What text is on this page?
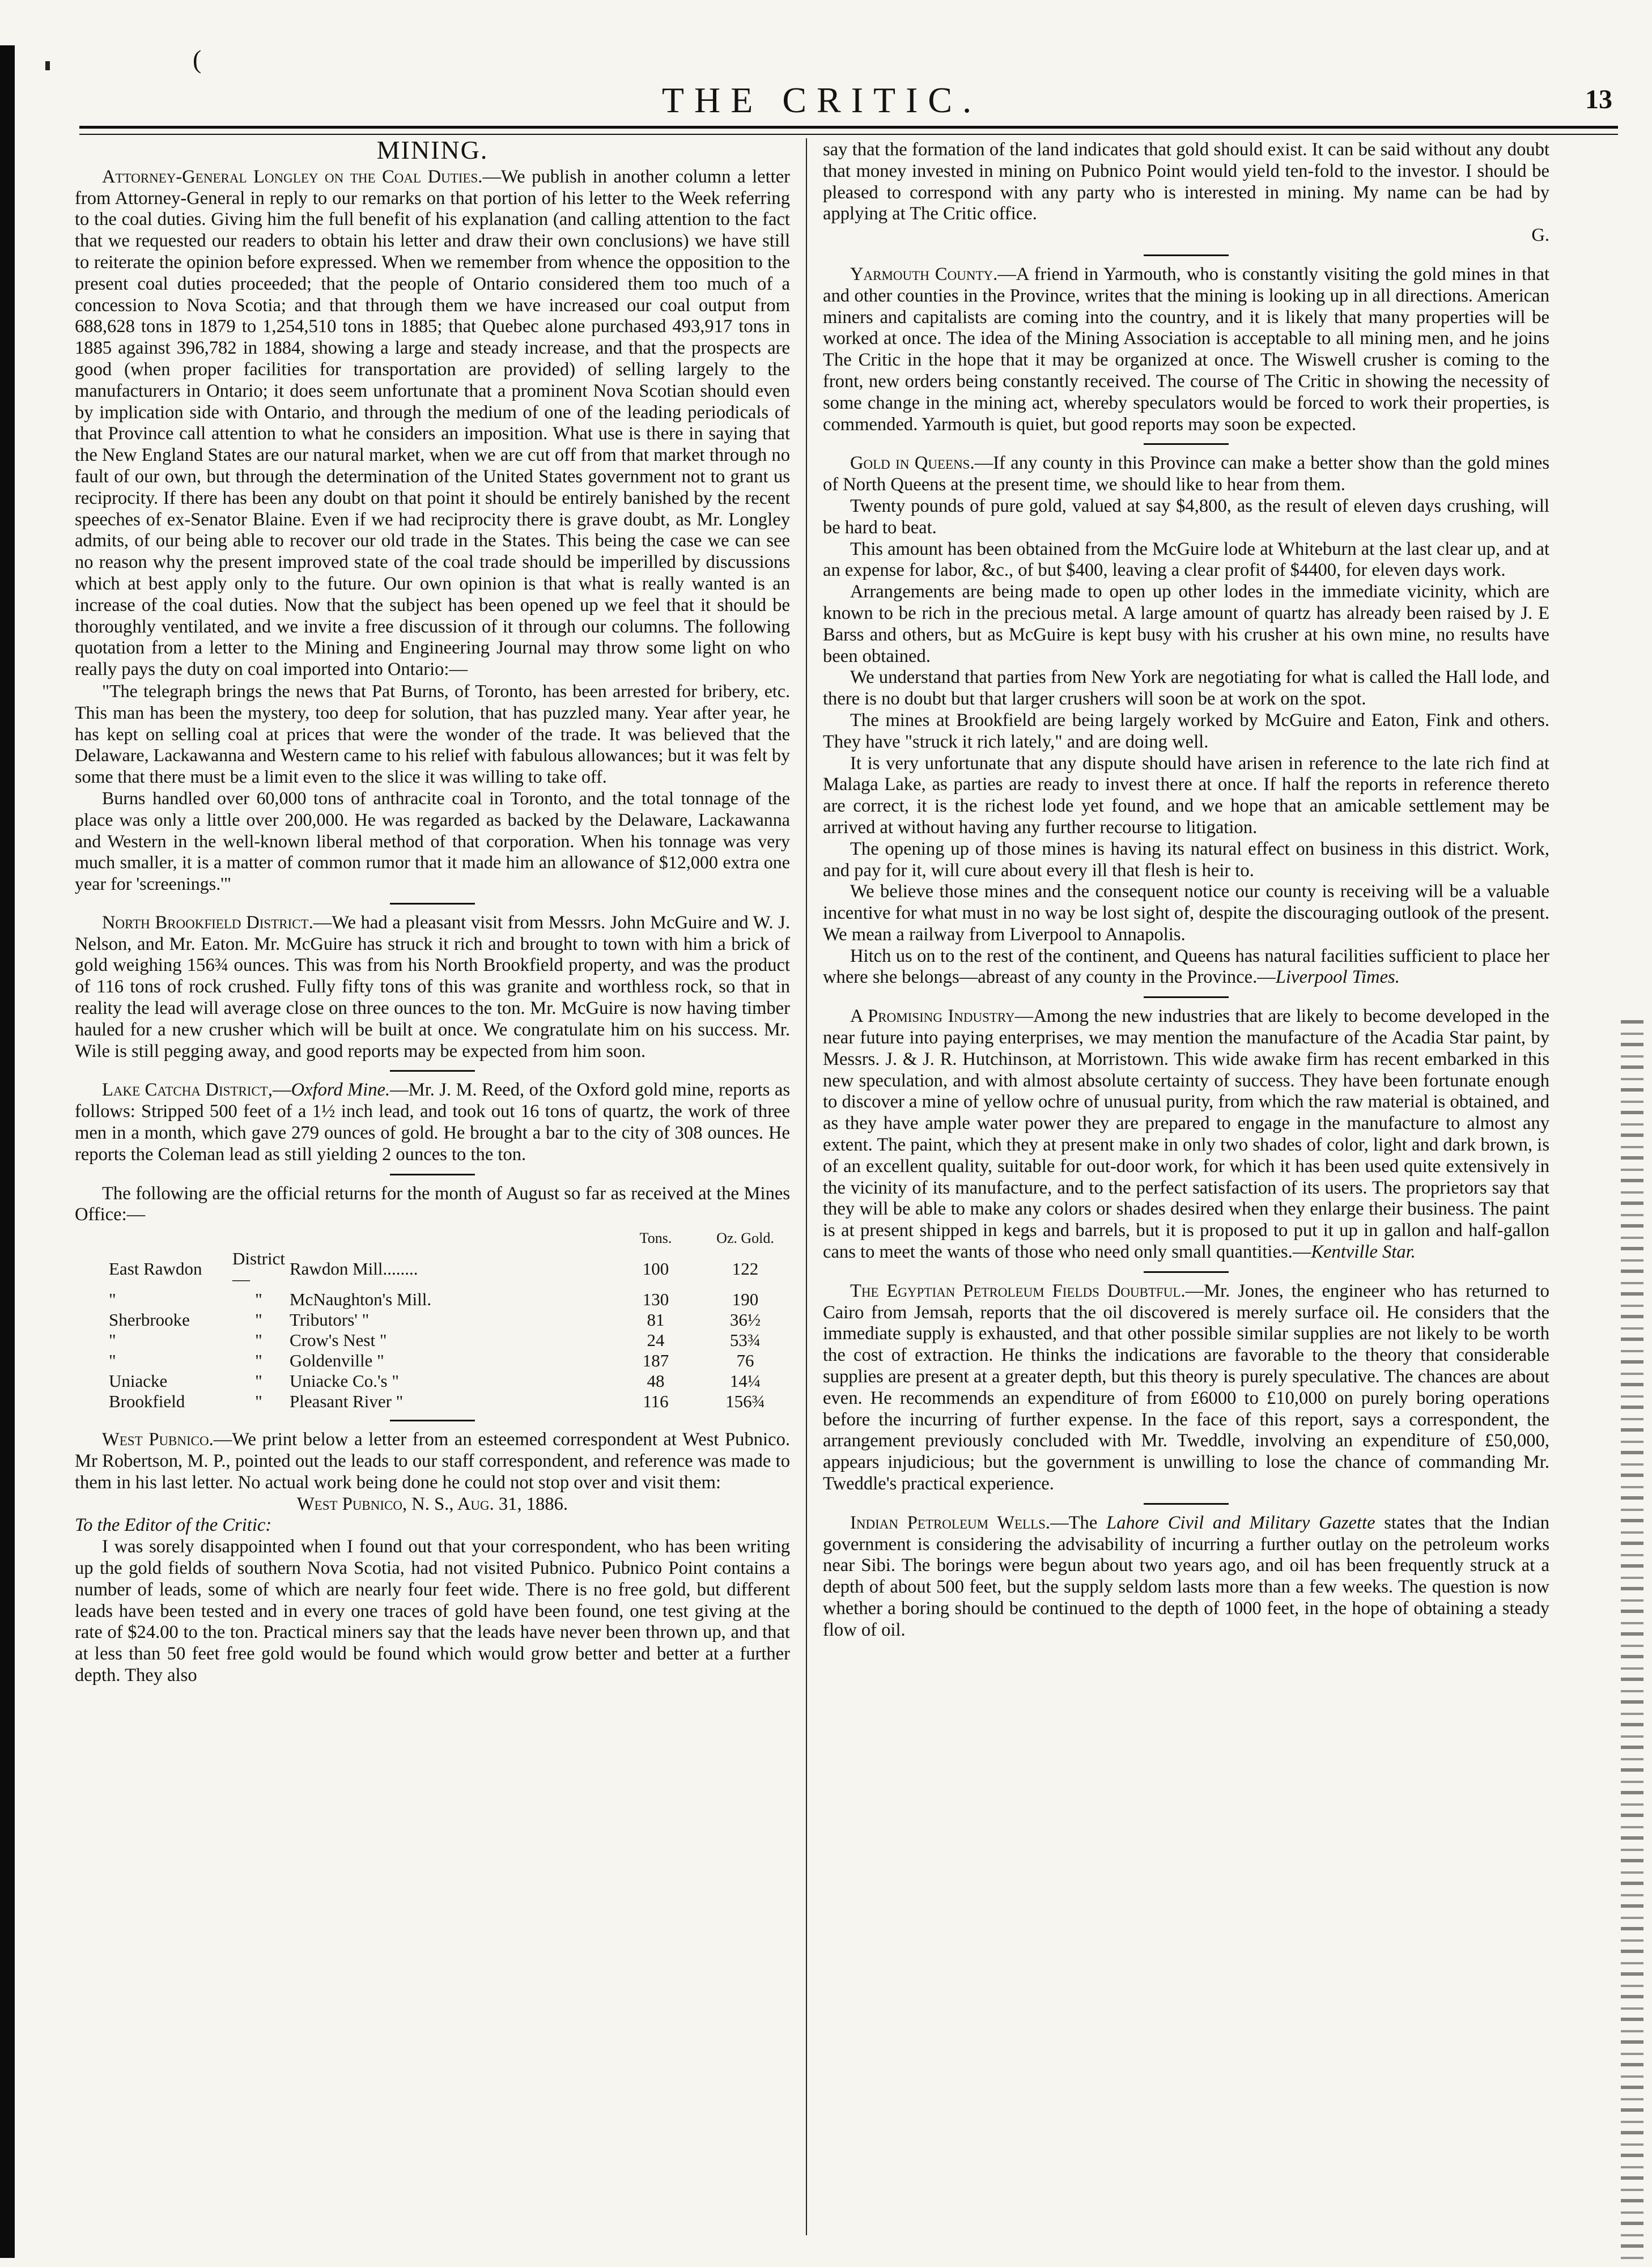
(
THE CRITIC.	13
MINING.

Attorney-General Longley on the Coal Duties.—We publish in another column a letter from Attorney-General in reply to our remarks on that portion of his letter to the Week referring to the coal duties. Giving him the full benefit of his explanation (and calling attention to the fact that we requested our readers to obtain his letter and draw their own conclusions) we have still to reiterate the opinion before expressed. When we remember from whence the opposition to the present coal duties proceeded; that the people of Ontario considered them too much of a concession to Nova Scotia; and that through them we have increased our coal output from 688,628 tons in 1879 to 1,254,510 tons in 1885; that Quebec alone purchased 493,917 tons in 1885 against 396,782 in 1884, showing a large and steady increase, and that the prospects are good (when proper facilities for transportation are provided) of selling largely to the manufacturers in Ontario; it does seem unfortunate that a prominent Nova Scotian should even by implication side with Ontario, and through the medium of one of the leading periodicals of that Province call attention to what he considers an imposition. What use is there in saying that the New England States are our natural market, when we are cut off from that market through no fault of our own, but through the determination of the United States government not to grant us reciprocity. If there has been any doubt on that point it should be entirely banished by the recent speeches of ex-Senator Blaine. Even if we had reciprocity there is grave doubt, as Mr. Longley admits, of our being able to recover our old trade in the States. This being the case we can see no reason why the present improved state of the coal trade should be imperilled by discussions which at best apply only to the future. Our own opinion is that what is really wanted is an increase of the coal duties. Now that the subject has been opened up we feel that it should be thoroughly ventilated, and we invite a free discussion of it through our columns. The following quotation from a letter to the Mining and Engineering Journal may throw some light on who really pays the duty on coal imported into Ontario:—

"The telegraph brings the news that Pat Burns, of Toronto, has been arrested for bribery, etc. This man has been the mystery, too deep for solution, that has puzzled many. Year after year, he has kept on selling coal at prices that were the wonder of the trade. It was believed that the Delaware, Lackawanna and Western came to his relief with fabulous allowances; but it was felt by some that there must be a limit even to the slice it was willing to take off.

Burns handled over 60,000 tons of anthracite coal in Toronto, and the total tonnage of the place was only a little over 200,000. He was regarded as backed by the Delaware, Lackawanna and Western in the well-known liberal method of that corporation. When his tonnage was very much smaller, it is a matter of common rumor that it made him an allowance of $12,000 extra one year for 'screenings.'"

North Brookfield District.—We had a pleasant visit from Messrs. John McGuire and W. J. Nelson, and Mr. Eaton. Mr. McGuire has struck it rich and brought to town with him a brick of gold weighing 156¾ ounces. This was from his North Brookfield property, and was the product of 116 tons of rock crushed. Fully fifty tons of this was granite and worthless rock, so that in reality the lead will average close on three ounces to the ton. Mr. McGuire is now having timber hauled for a new crusher which will be built at once. We congratulate him on his success. Mr. Wile is still pegging away, and good reports may be expected from him soon.

Lake Catcha District,—Oxford Mine.—Mr. J. M. Reed, of the Oxford gold mine, reports as follows: Stripped 500 feet of a 1½ inch lead, and took out 16 tons of quartz, the work of three men in a month, which gave 279 ounces of gold. He brought a bar to the city of 308 ounces. He reports the Coleman lead as still yielding 2 ounces to the ton.

The following are the official returns for the month of August so far as received at the Mines Office:—

			Tons.	Oz. Gold.
East Rawdon	District—	Rawdon Mill........	100	122
"	"	McNaughton's Mill.	130	190
Sherbrooke	"	Tributors' "	81	36½
"	"	Crow's Nest "	24	53¾
"	"	Goldenville "	187	76
Uniacke	"	Uniacke Co.'s "	48	14¼
Brookfield	"	Pleasant River "	116	156¾

West Pubnico.—We print below a letter from an esteemed correspondent at West Pubnico. Mr Robertson, M. P., pointed out the leads to our staff correspondent, and reference was made to them in his last letter. No actual work being done he could not stop over and visit them:

West Pubnico, N. S., Aug. 31, 1886.

To the Editor of the Critic:

I was sorely disappointed when I found out that your correspondent, who has been writing up the gold fields of southern Nova Scotia, had not visited Pubnico. Pubnico Point contains a number of leads, some of which are nearly four feet wide. There is no free gold, but different leads have been tested and in every one traces of gold have been found, one test giving at the rate of $24.00 to the ton. Practical miners say that the leads have never been thrown up, and that at less than 50 feet free gold would be found which would grow better and better at a further depth. They also

say that the formation of the land indicates that gold should exist. It can be said without any doubt that money invested in mining on Pubnico Point would yield ten-fold to the investor. I should be pleased to correspond with any party who is interested in mining. My name can be had by applying at The Critic office.

G.

Yarmouth County.—A friend in Yarmouth, who is constantly visiting the gold mines in that and other counties in the Province, writes that the mining is looking up in all directions. American miners and capitalists are coming into the country, and it is likely that many properties will be worked at once. The idea of the Mining Association is acceptable to all mining men, and he joins The Critic in the hope that it may be organized at once. The Wiswell crusher is coming to the front, new orders being constantly received. The course of The Critic in showing the necessity of some change in the mining act, whereby speculators would be forced to work their properties, is commended. Yarmouth is quiet, but good reports may soon be expected.

Gold in Queens.—If any county in this Province can make a better show than the gold mines of North Queens at the present time, we should like to hear from them.

Twenty pounds of pure gold, valued at say $4,800, as the result of eleven days crushing, will be hard to beat.

This amount has been obtained from the McGuire lode at Whiteburn at the last clear up, and at an expense for labor, &c., of but $400, leaving a clear profit of $4400, for eleven days work.

Arrangements are being made to open up other lodes in the immediate vicinity, which are known to be rich in the precious metal. A large amount of quartz has already been raised by J. E Barss and others, but as McGuire is kept busy with his crusher at his own mine, no results have been obtained.

We understand that parties from New York are negotiating for what is called the Hall lode, and there is no doubt but that larger crushers will soon be at work on the spot.

The mines at Brookfield are being largely worked by McGuire and Eaton, Fink and others. They have "struck it rich lately," and are doing well.

It is very unfortunate that any dispute should have arisen in reference to the late rich find at Malaga Lake, as parties are ready to invest there at once. If half the reports in reference thereto are correct, it is the richest lode yet found, and we hope that an amicable settlement may be arrived at without having any further recourse to litigation.

The opening up of those mines is having its natural effect on business in this district. Work, and pay for it, will cure about every ill that flesh is heir to.

We believe those mines and the consequent notice our county is receiving will be a valuable incentive for what must in no way be lost sight of, despite the discouraging outlook of the present. We mean a railway from Liverpool to Annapolis.

Hitch us on to the rest of the continent, and Queens has natural facilities sufficient to place her where she belongs—abreast of any county in the Province.—Liverpool Times.

A Promising Industry—Among the new industries that are likely to become developed in the near future into paying enterprises, we may mention the manufacture of the Acadia Star paint, by Messrs. J. & J. R. Hutchinson, at Morristown. This wide awake firm has recent embarked in this new speculation, and with almost absolute certainty of success. They have been fortunate enough to discover a mine of yellow ochre of unusual purity, from which the raw material is obtained, and as they have ample water power they are prepared to engage in the manufacture to almost any extent. The paint, which they at present make in only two shades of color, light and dark brown, is of an excellent quality, suitable for out-door work, for which it has been used quite extensively in the vicinity of its manufacture, and to the perfect satisfaction of its users. The proprietors say that they will be able to make any colors or shades desired when they enlarge their business. The paint is at present shipped in kegs and barrels, but it is proposed to put it up in gallon and half-gallon cans to meet the wants of those who need only small quantities.—Kentville Star.

The Egyptian Petroleum Fields Doubtful.—Mr. Jones, the engineer who has returned to Cairo from Jemsah, reports that the oil discovered is merely surface oil. He considers that the immediate supply is exhausted, and that other possible similar supplies are not likely to be worth the cost of extraction. He thinks the indications are favorable to the theory that considerable supplies are present at a greater depth, but this theory is purely speculative. The chances are about even. He recommends an expenditure of from £6000 to £10,000 on purely boring operations before the incurring of further expense. In the face of this report, says a correspondent, the arrangement previously concluded with Mr. Tweddle, involving an expenditure of £50,000, appears injudicious; but the government is unwilling to lose the chance of commanding Mr. Tweddle's practical experience.

Indian Petroleum Wells.—The Lahore Civil and Military Gazette states that the Indian government is considering the advisability of incurring a further outlay on the petroleum works near Sibi. The borings were begun about two years ago, and oil has been frequently struck at a depth of about 500 feet, but the supply seldom lasts more than a few weeks. The question is now whether a boring should be continued to the depth of 1000 feet, in the hope of obtaining a steady flow of oil.
